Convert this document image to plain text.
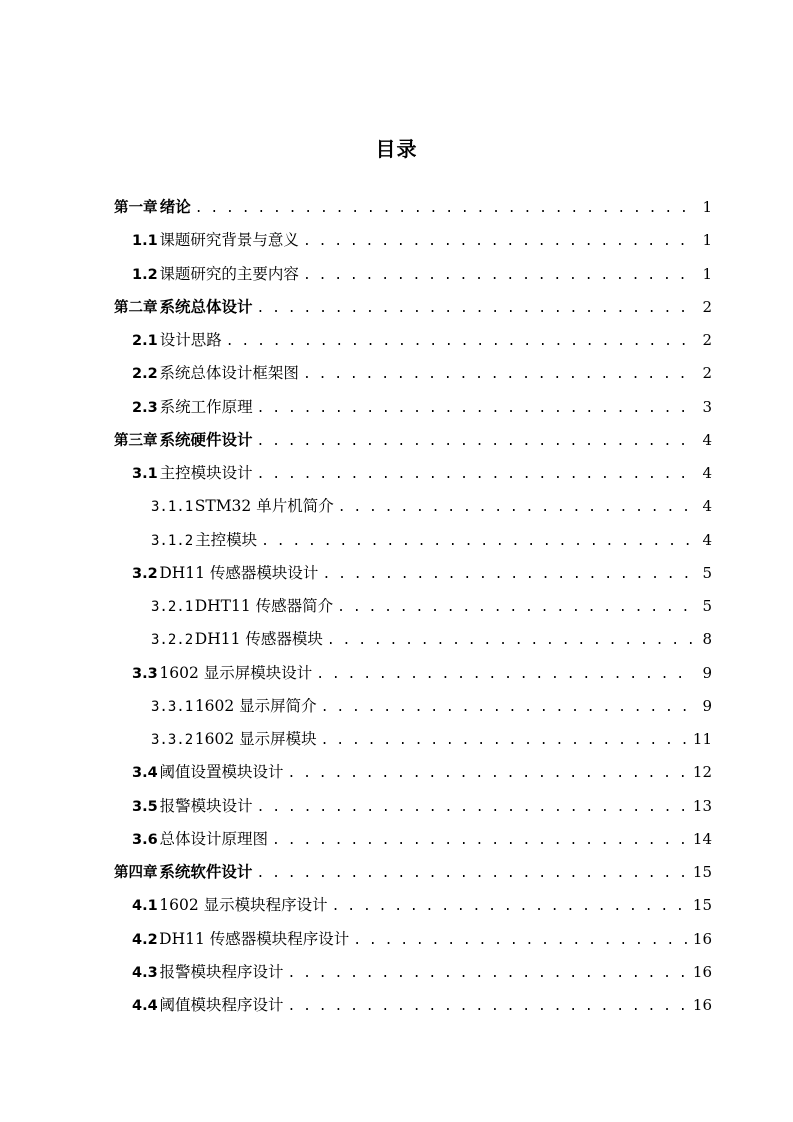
目录
第一章 绪论 . . .	1
1.1 课题研究背景与意义 . . .	1
1.2 课题研究的主要内容 . . .	1
第二章 系统总体设计 . . .	2
2.1 设计思路 . . .	2
2.2 系统总体设计框架图 . . .	2
2.3 系统工作原理 . . .	3
第三章 系统硬件设计 . . .	4
3.1 主控模块设计 . . .	4
3.1.1 STM32 单片机简介 . . .	4
3.1.2 主控模块 . . .	4
3.2 DH11 传感器模块设计 . . .	5
3.2.1 DHT11 传感器简介 . . .	5
3.2.2 DH11 传感器模块 . . .	8
3.3 1602 显示屏模块设计 . . .	9
3.3.1 1602 显示屏简介 . . .	9
3.3.2 1602 显示屏模块 . . .	11
3.4 阈值设置模块设计 . . .	12
3.5 报警模块设计 . . .	13
3.6 总体设计原理图 . . .	14
第四章 系统软件设计 . . .	15
4.1 1602 显示模块程序设计 . . .	15
4.2 DH11 传感器模块程序设计 . . .	16
4.3 报警模块程序设计 . . .	16
4.4 阈值模块程序设计 . . .	16
